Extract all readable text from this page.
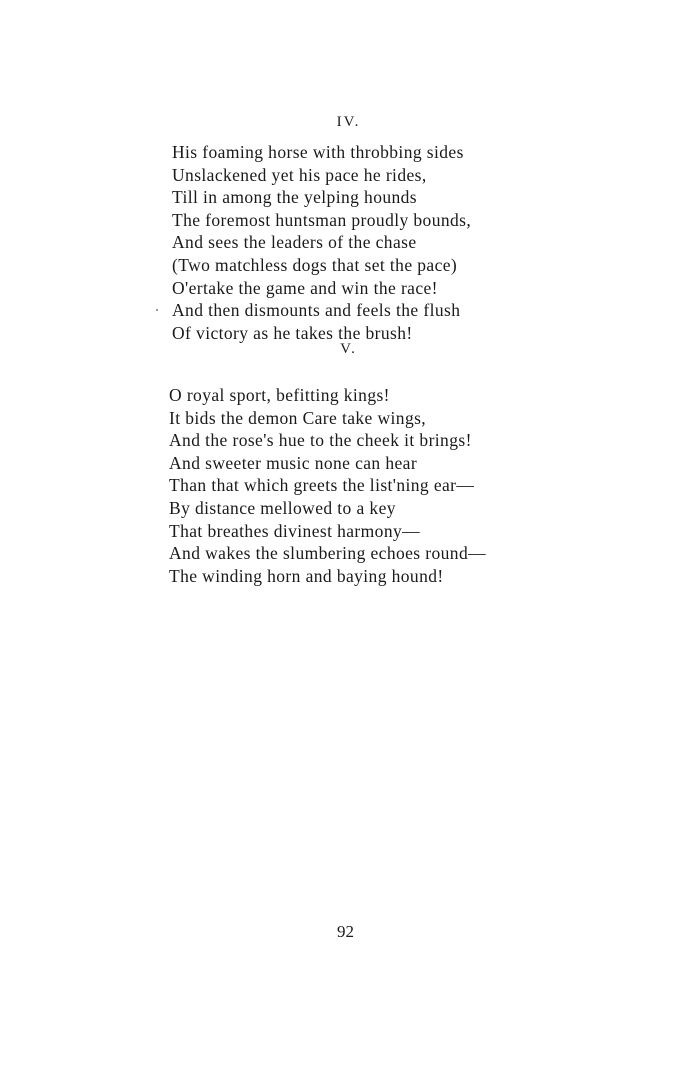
IV.
His foaming horse with throbbing sides
Unslackened yet his pace he rides,
Till in among the yelping hounds
The foremost huntsman proudly bounds,
And sees the leaders of the chase
(Two matchless dogs that set the pace)
O'ertake the game and win the race!
And then dismounts and feels the flush
Of victory as he takes the brush!
V.
O royal sport, befitting kings!
It bids the demon Care take wings,
And the rose's hue to the cheek it brings!
And sweeter music none can hear
Than that which greets the list'ning ear—
By distance mellowed to a key
That breathes divinest harmony—
And wakes the slumbering echoes round—
The winding horn and baying hound!
92
